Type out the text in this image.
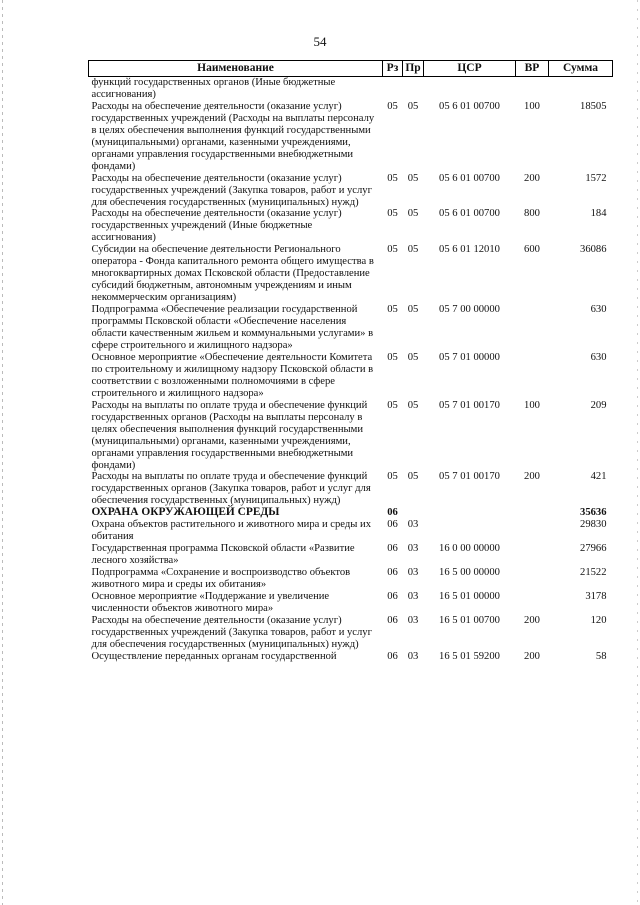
54
Наименование	Рз	Пр	ЦСР	ВР	Сумма
функций государственных органов (Иные бюджетные ассигнования)					
Расходы на обеспечение деятельности (оказание услуг) государственных учреждений (Расходы на выплаты персоналу в целях обеспечения выполнения функций государственными (муниципальными) органами, казенными учреждениями, органами управления государственными внебюджетными фондами)	05	05	05 6 01 00700	100	18505
Расходы на обеспечение деятельности (оказание услуг) государственных учреждений (Закупка товаров, работ и услуг для обеспечения государственных (муниципальных) нужд)	05	05	05 6 01 00700	200	1572
Расходы на обеспечение деятельности (оказание услуг) государственных учреждений (Иные бюджетные ассигнования)	05	05	05 6 01 00700	800	184
Субсидии на обеспечение деятельности Регионального оператора - Фонда капитального ремонта общего имущества в многоквартирных домах Псковской области (Предоставление субсидий бюджетным, автономным учреждениям и иным некоммерческим организациям)	05	05	05 6 01 12010	600	36086
Подпрограмма «Обеспечение реализации государственной программы Псковской области «Обеспечение населения области качественным жильем и коммунальными услугами» в сфере строительного и жилищного надзора»	05	05	05 7 00 00000		630
Основное мероприятие «Обеспечение деятельности Комитета по строительному и жилищному надзору Псковской области в соответствии с возложенными полномочиями в сфере строительного и жилищного надзора»	05	05	05 7 01 00000		630
Расходы на выплаты по оплате труда и обеспечение функций государственных органов (Расходы на выплаты персоналу в целях обеспечения выполнения функций государственными (муниципальными) органами, казенными учреждениями, органами управления государственными внебюджетными фондами)	05	05	05 7 01 00170	100	209
Расходы на выплаты по оплате труда и обеспечение функций государственных органов (Закупка товаров, работ и услуг для обеспечения государственных (муниципальных) нужд)	05	05	05 7 01 00170	200	421
ОХРАНА ОКРУЖАЮЩЕЙ СРЕДЫ	06				35636
Охрана объектов растительного и животного мира и среды их обитания	06	03			29830
Государственная программа Псковской области «Развитие лесного хозяйства»	06	03	16 0 00 00000		27966
Подпрограмма «Сохранение и воспроизводство объектов животного мира и среды их обитания»	06	03	16 5 00 00000		21522
Основное мероприятие «Поддержание и увеличение численности объектов животного мира»	06	03	16 5 01 00000		3178
Расходы на обеспечение деятельности (оказание услуг) государственных учреждений (Закупка товаров, работ и услуг для обеспечения государственных (муниципальных) нужд)	06	03	16 5 01 00700	200	120
Осуществление переданных органам государственной	06	03	16 5 01 59200	200	58
